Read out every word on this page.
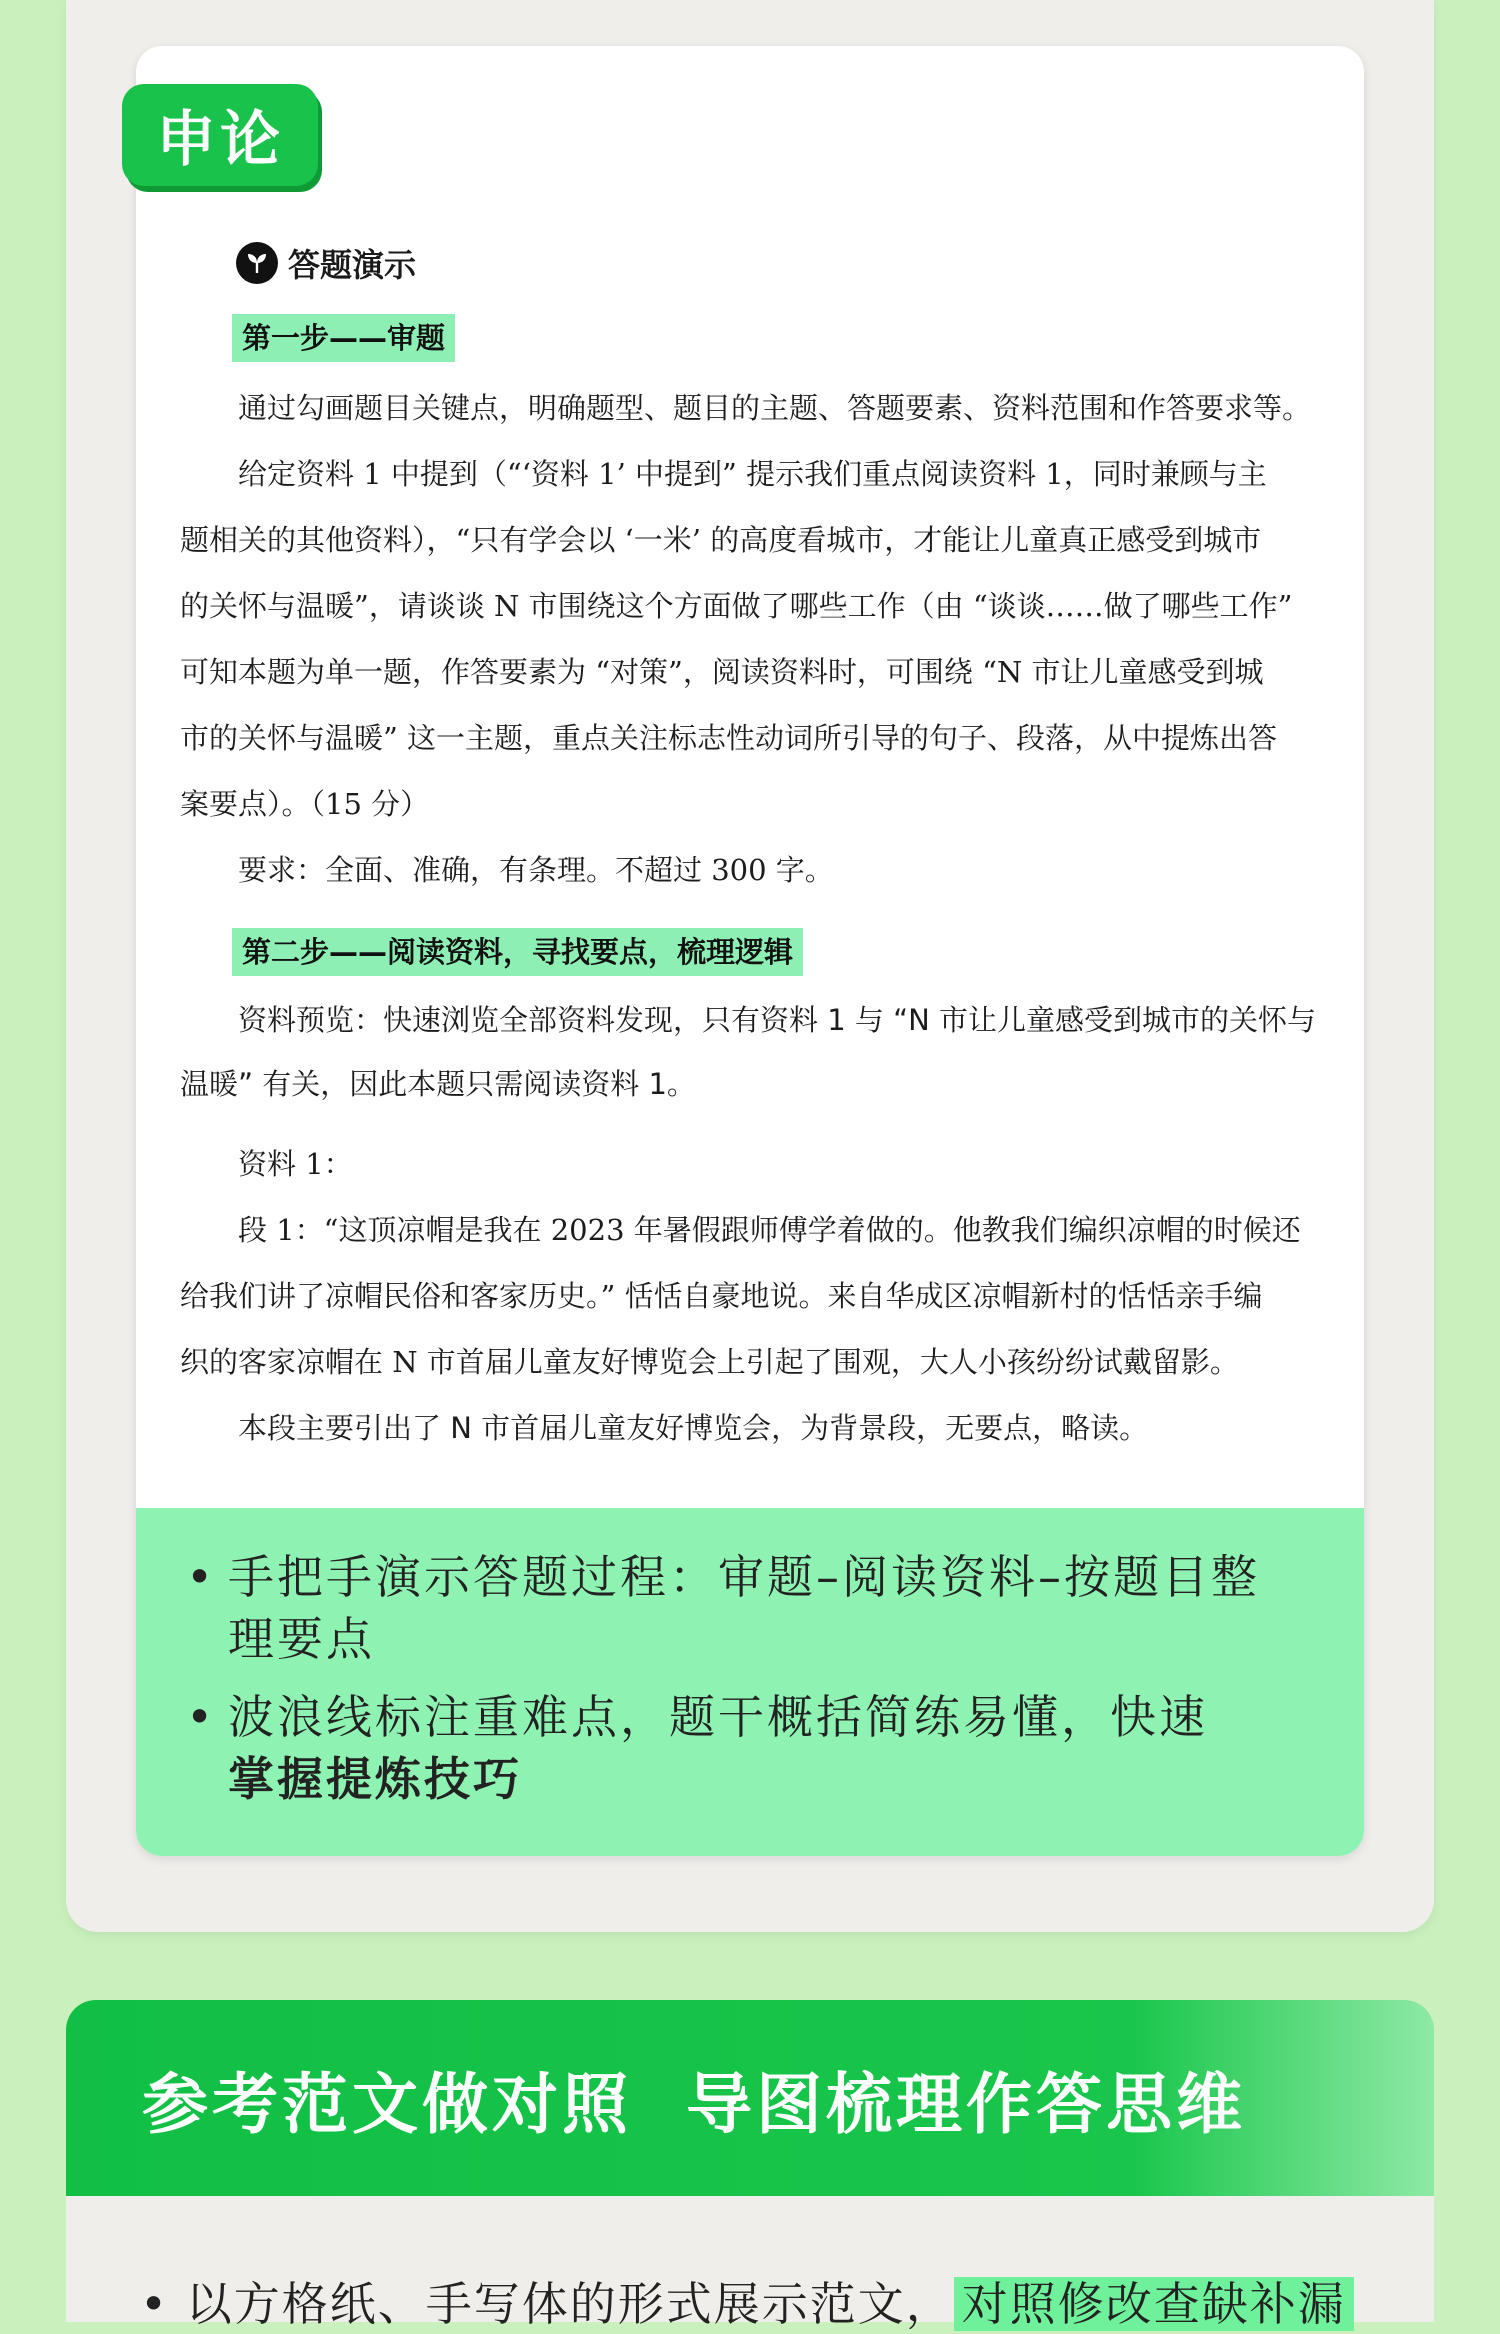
• 手把手演示答题过程：审题–阅读资料–按题目整
理要点
• 波浪线标注重难点，题干概括简练易懂，快速
掌握提炼技巧
申论
答题演示
第一步——审题
通过勾画题目关键点，明确题型、题目的主题、答题要素、资料范围和作答要求等。
给定资料 1 中提到（“‘资料 1’ 中提到” 提示我们重点阅读资料 1，同时兼顾与主
题相关的其他资料），“只有学会以 ‘一米’ 的高度看城市，才能让儿童真正感受到城市
的关怀与温暖”，请谈谈 N 市围绕这个方面做了哪些工作（由 “谈谈……做了哪些工作”
可知本题为单一题，作答要素为 “对策”，阅读资料时，可围绕 “N 市让儿童感受到城
市的关怀与温暖” 这一主题，重点关注标志性动词所引导的句子、段落，从中提炼出答
案要点）。（15 分）
要求：全面、准确，有条理。不超过 300 字。
第二步——阅读资料，寻找要点，梳理逻辑
资料预览：快速浏览全部资料发现，只有资料 1 与 “N 市让儿童感受到城市的关怀与
温暖” 有关，因此本题只需阅读资料 1。
资料 1：
段 1：“这顶凉帽是我在 2023 年暑假跟师傅学着做的。他教我们编织凉帽的时候还
给我们讲了凉帽民俗和客家历史。” 恬恬自豪地说。来自华成区凉帽新村的恬恬亲手编
织的客家凉帽在 N 市首届儿童友好博览会上引起了围观，大人小孩纷纷试戴留影。
本段主要引出了 N 市首届儿童友好博览会，为背景段，无要点，略读。
参考范文做对照  导图梳理作答思维
• 以方格纸、手写体的形式展示范文， 对照修改查缺补漏
